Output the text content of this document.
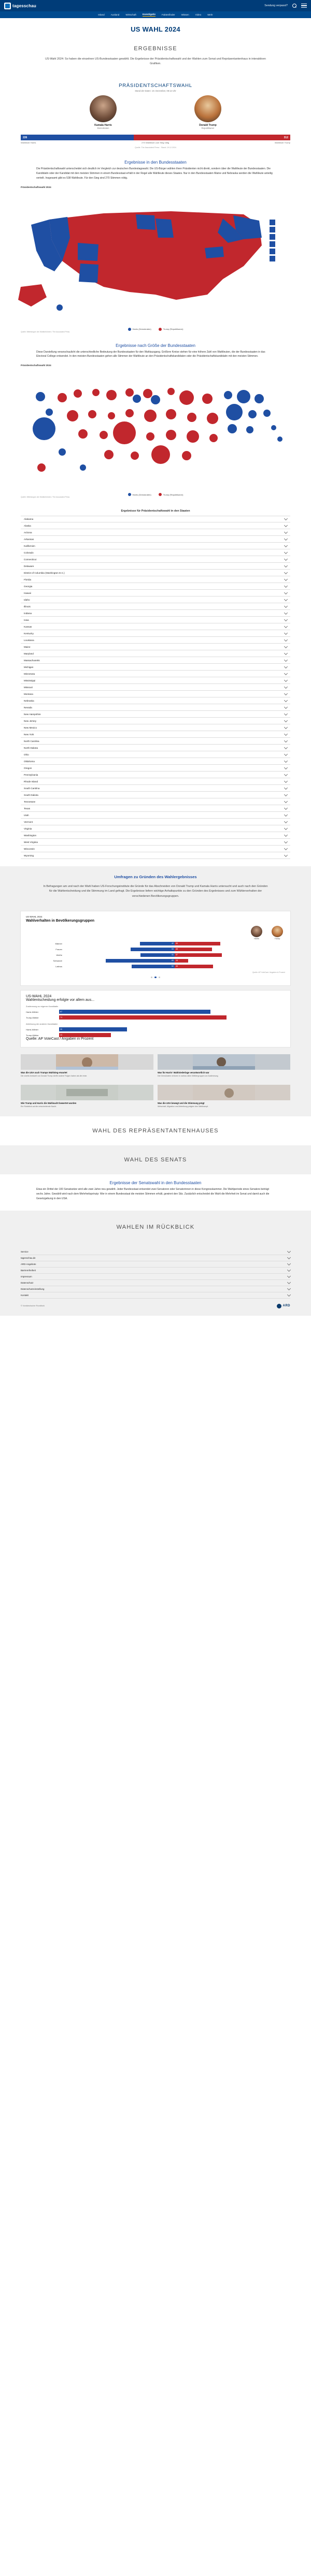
tagesschau	Sendung verpasst?
Inland	Ausland	Wirtschaft	Investigativ	Faktenfinder	Wissen	Video	Mehr
US WAHL 2024
ERGEBNISSE
US-Wahl 2024: So haben die einzelnen US-Bundesstaaten gewählt. Die Ergebnisse der Präsidentschaftswahl und der Wahlen zum Senat und Repräsentantenhaus in interaktiven Grafiken.
PRÄSIDENTSCHAFTSWAHL
Stand der Daten: 19. Dezember, 08:12 Uhr
Kamala Harris
Demokraten
Donald Trump
Republikaner
226	312
Wahlleute Harris	270 Wahlleute zum Sieg nötig	Wahlleute Trump
Quelle: The Associated Press · Stand: 19.12.2024
Ergebnisse in den Bundesstaaten
Die Präsidentschaftswahl unterscheidet sich deutlich im Vergleich zur deutschen Bundestagswahl. Die US-Bürger wählen ihren Präsidenten nicht direkt, sondern über die Wahlleute der Bundesstaaten. Die Kandidatin oder der Kandidat mit den meisten Stimmen in einem Bundesstaat erhält in der Regel alle Wahlleute dieses Staates. Nur in den Bundesstaaten Maine und Nebraska werden die Wahlleute anteilig verteilt. Insgesamt gibt es 538 Wahlleute. Für den Sieg sind 270 Stimmen nötig.
Präsidentschaftswahl 2024
Harris (Demokraten)	Trump (Republikaner)
Quelle: Mitteilungen der Wahlbehörden / The Associated Press
Ergebnisse nach Größe der Bundesstaaten
Diese Darstellung veranschaulicht die unterschiedliche Bedeutung der Bundesstaaten für den Wahlausgang. Größere Kreise stehen für eine höhere Zahl von Wahlleuten, die der Bundesstaaten in das Electoral College entsendet. In den meisten Bundesstaaten gehen alle Stimmen der Wahlleute an den Präsidentschaftskandidaten oder die Präsidentschaftskandidatin mit den meisten Stimmen.
Präsidentschaftswahl 2024
Harris (Demokraten)	Trump (Republikaner)
Quelle: Mitteilungen der Wahlbehörden / The Associated Press
Ergebnisse für Präsidentschaftswahl in den Staaten
Alabama
Alaska
Arizona
Arkansas
Kalifornien
Colorado
Connecticut
Delaware
District of Columbia (Washington D.C.)
Florida
Georgia
Hawaii
Idaho
Illinois
Indiana
Iowa
Kansas
Kentucky
Louisiana
Maine
Maryland
Massachusetts
Michigan
Minnesota
Mississippi
Missouri
Montana
Nebraska
Nevada
New Hampshire
New Jersey
New Mexico
New York
North Carolina
North Dakota
Ohio
Oklahoma
Oregon
Pennsylvania
Rhode Island
South Carolina
South Dakota
Tennessee
Texas
Utah
Vermont
Virginia
Washington
West Virginia
Wisconsin
Wyoming
Umfragen zu Gründen des Wahlergebnisses
In Befragungen am und nach der Wahl haben US-Forschungsinstitute die Gründe für das Abschneiden von Donald Trump und Kamala Harris untersucht und auch nach den Gründen für die Wahlentscheidung und die Stimmung im Land gefragt. Die Ergebnisse liefern wichtige Anhaltspunkte zu den Gründen des Ergebnisses und zum Wählerverhalten der verschiedenen Bevölkerungsgruppen.
US-WAHL 2024
Wahlverhalten in Bevölkerungsgruppen
Harris	Trump
Männer	42	55
Frauen	53	45
Weiße	41	57
Schwarze	83	16
Latinos	52	46
Quelle: AP VoteCast / Angaben in Prozent
US-WAHL 2024
Wahlentscheidung erfolgte vor allem aus...
Zustimmung zur eigenen Kandidatin
Harris-Wähler	67
Trump-Wähler	74
Ablehnung der anderen Kandidaten
Harris-Wähler	30
Trump-Wähler	23
Quelle: AP VoteCast / Angaben in Prozent
Was die USA nach Trumps Wahlsieg erwartet
Die zweite Amtszeit von Donald Trump dürfte andere Folgen haben als die erste.
Was für Harris' Wahlniederlage verantwortlich war
Die Demokraten verloren in nahezu allen Wählergruppen an Zustimmung.
Wie Trump und Harris die Wahlnacht bewertet wurden
Ein Rückblick auf die entscheidende Nacht.
Was die USA bewegt und die Stimmung prägt
Wirtschaft, Migration und Abtreibung prägten den Wahlkampf.
WAHL DES REPRÄSENTANTENHAUSES
WAHL DES SENATS
Ergebnisse der Senatswahl in den Bundesstaaten
Etwa ein Drittel der 100 Senatssitze wird alle zwei Jahre neu gewählt. Jeder Bundesstaat entsendet zwei Senatoren oder Senatorinnen in diese Kongresskammer. Die Wahlperiode eines Senators beträgt sechs Jahre. Gewählt wird nach dem Mehrheitsprinzip: Wer in einem Bundesstaat die meisten Stimmen erhält, gewinnt den Sitz. Zusätzlich entscheidet die Wahl die Mehrheit im Senat und damit auch die Gesetzgebung in den USA.
WAHLEN IM RÜCKBLICK
Service
tagesschau.de
ARD-Angebote
Barrierefreiheit
Impressum
Datenschutz
Datenschutzeinstellung
Kontakt
© Norddeutscher Rundfunk	ARD
